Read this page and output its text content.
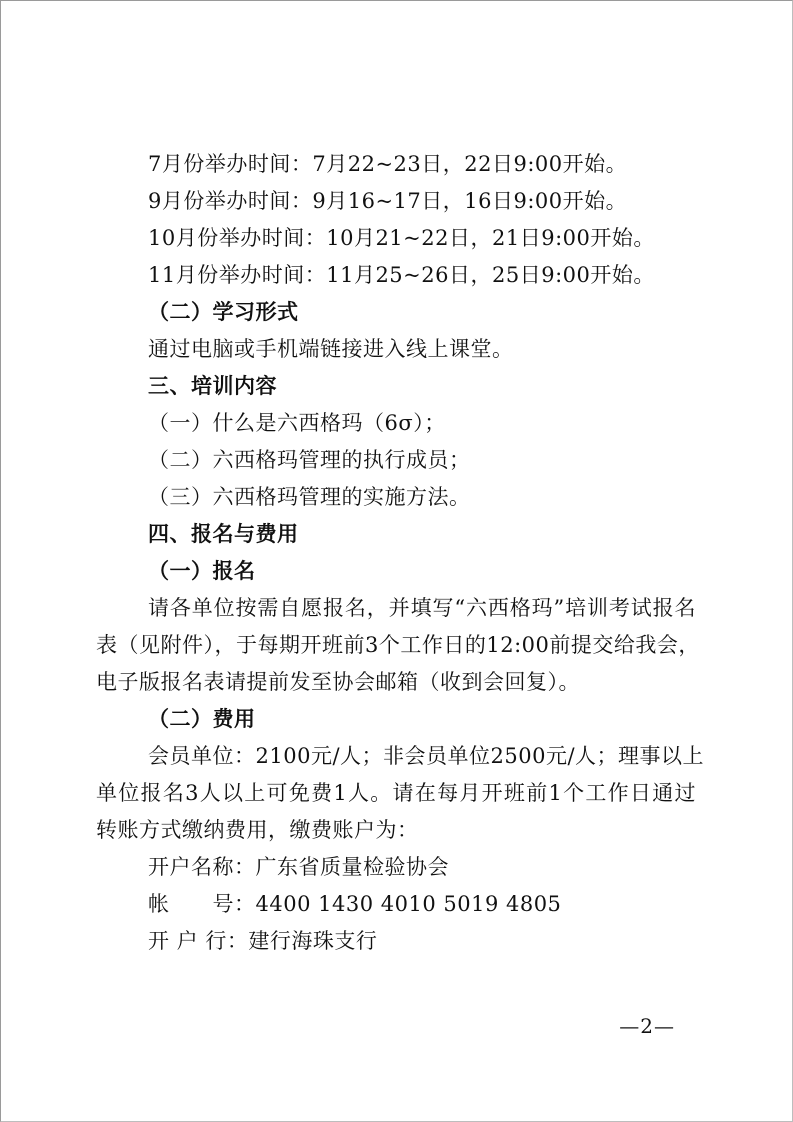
7月份举办时间：7月22~23日，22日9:00开始。
9月份举办时间：9月16~17日，16日9:00开始。
10月份举办时间：10月21~22日，21日9:00开始。
11月份举办时间：11月25~26日，25日9:00开始。
（二）学习形式
通过电脑或手机端链接进入线上课堂。
三、培训内容
（一）什么是六西格玛（6σ）；
（二）六西格玛管理的执行成员；
（三）六西格玛管理的实施方法。
四、报名与费用
（一）报名
请各单位按需自愿报名，并填写“六西格玛”培训考试报名
表（见附件），于每期开班前3个工作日的12:00前提交给我会，
电子版报名表请提前发至协会邮箱（收到会回复）。
（二）费用
会员单位：2100元/人；非会员单位2500元/人；理事以上
单位报名3人以上可免费1人。请在每月开班前1个工作日通过
转账方式缴纳费用，缴费账户为：
开户名称：广东省质量检验协会
帐　　号：4400 1430 4010 5019 4805
开 户 行：建行海珠支行
—2—
